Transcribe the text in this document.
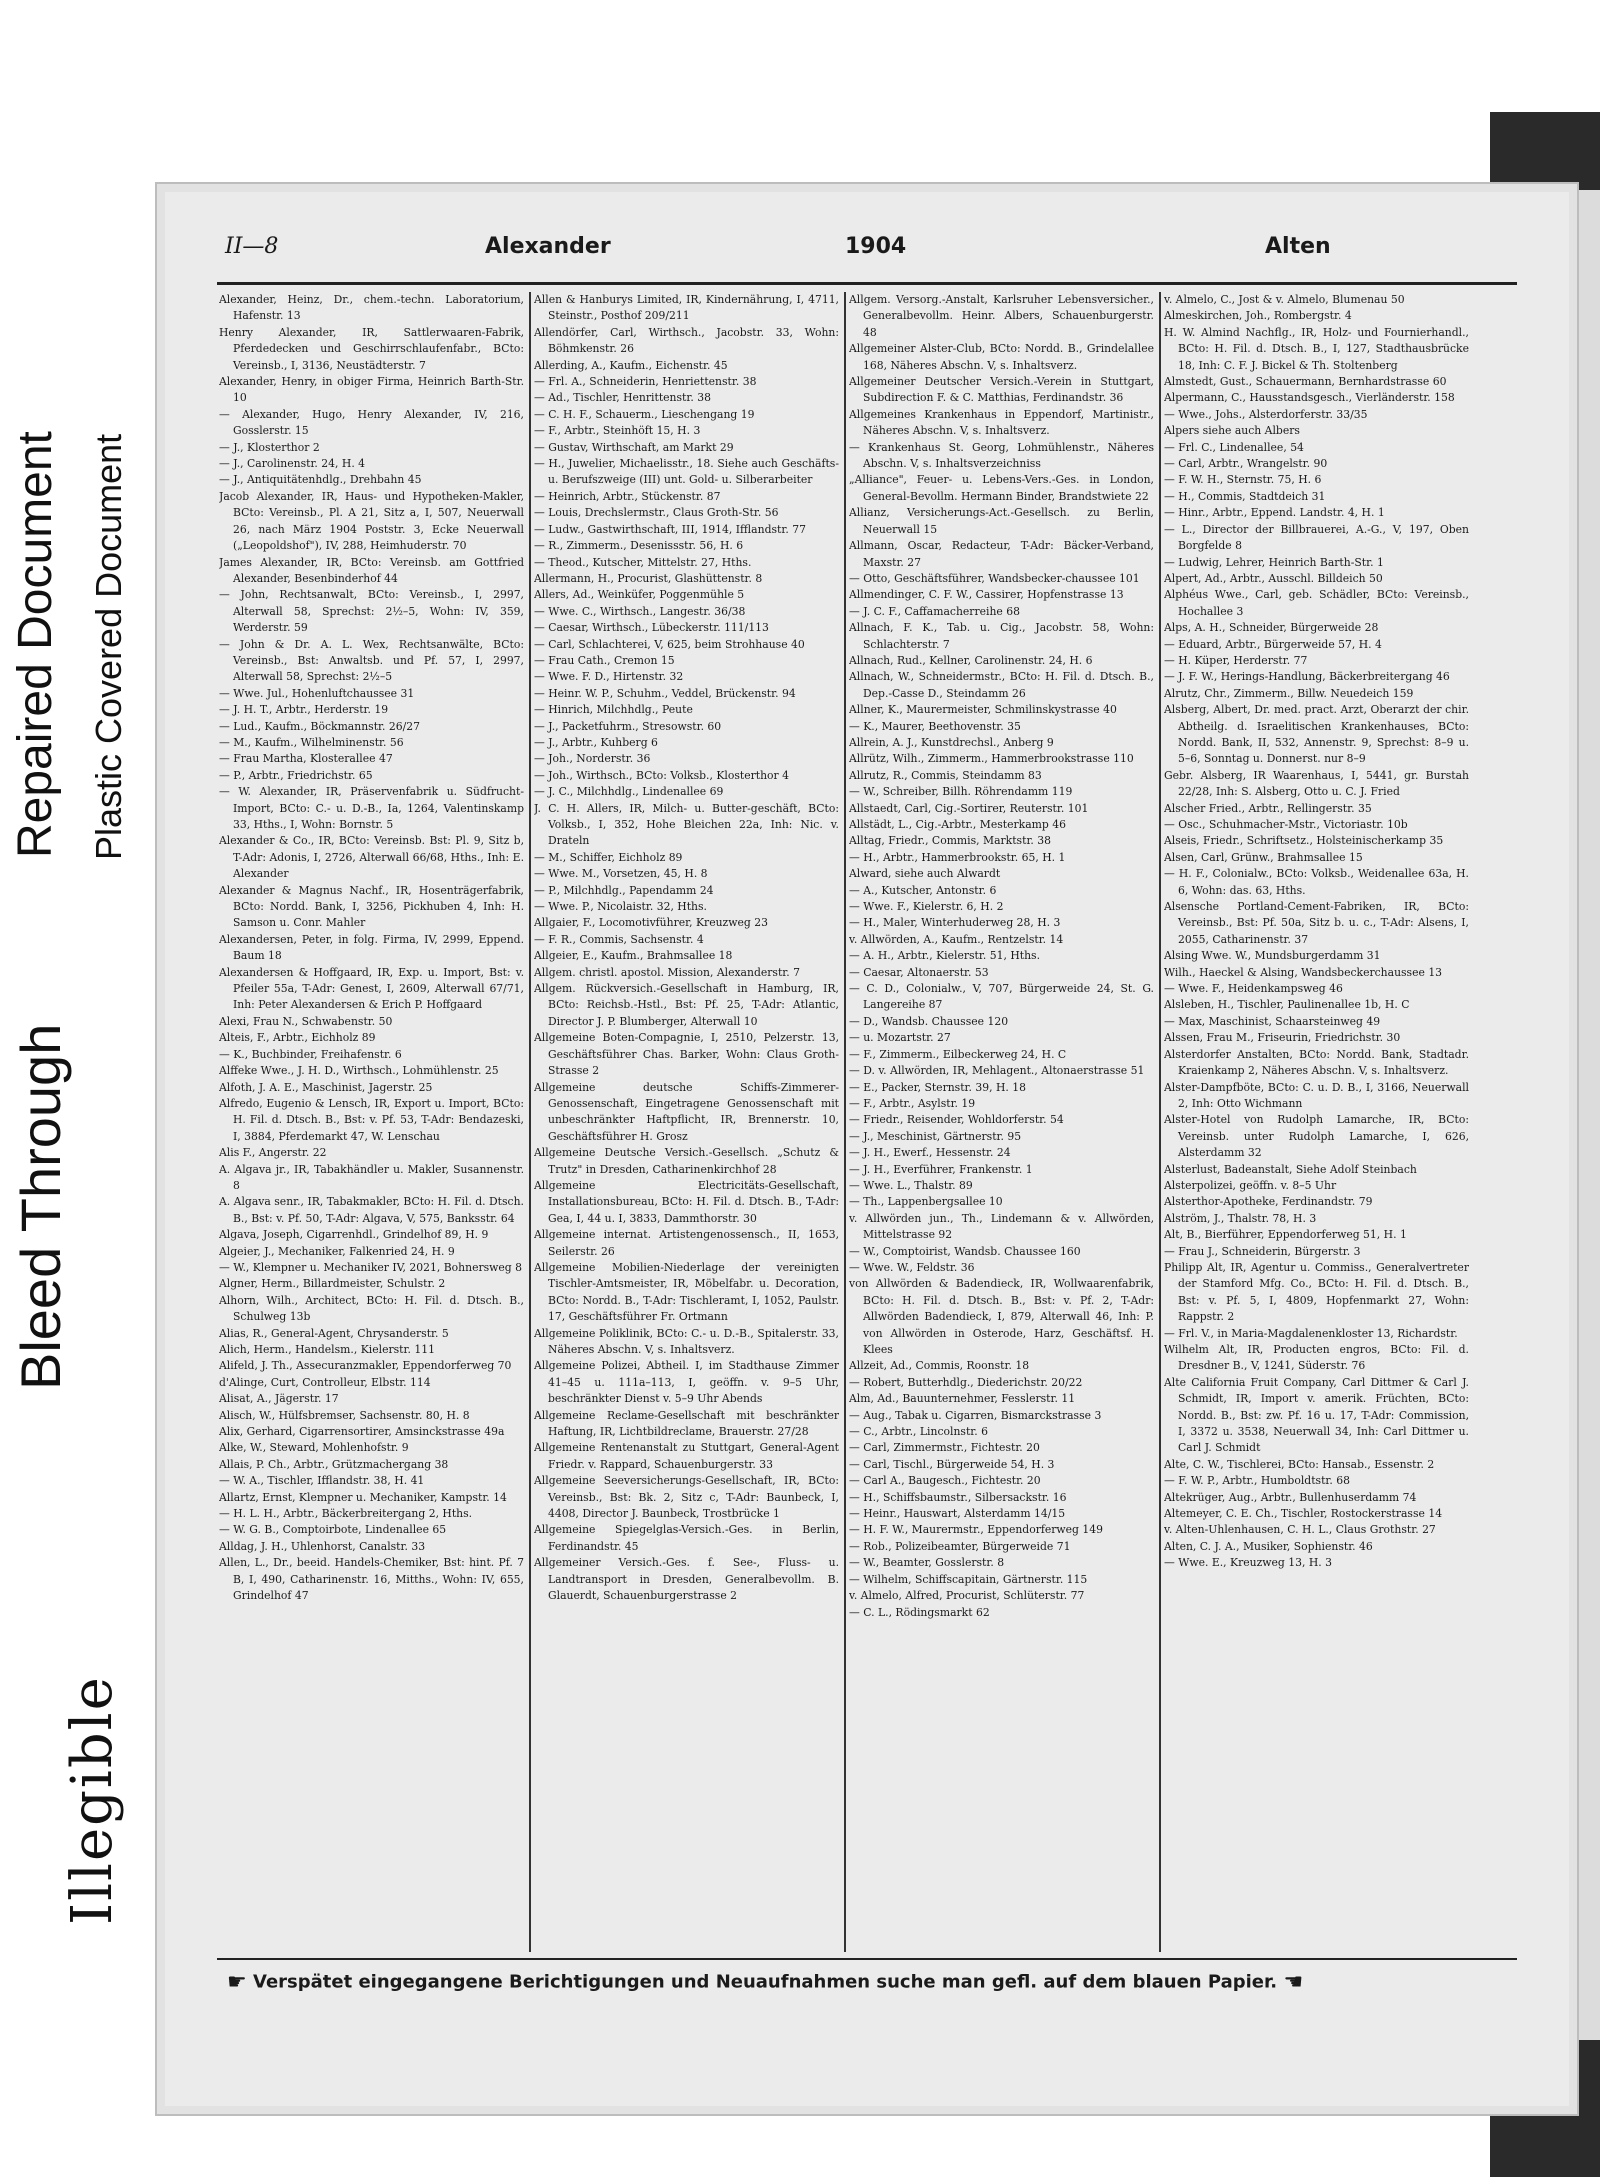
Bleed Through
Repaired Document Plastic Covered Document
Illegible
II—8	Alexander	1904	Alten

Alexander, Heinz, Dr., chem.-techn. Laboratorium, Hafenstr. 13

Henry Alexander, IR, Sattlerwaaren-Fabrik, Pferdedecken und Geschirrschlaufenfabr., BCto: Vereinsb., I, 3136, Neustädterstr. 7

Alexander, Henry, in obiger Firma, Heinrich Barth-Str. 10

— Alexander, Hugo, Henry Alexander, IV, 216, Gosslerstr. 15

— J., Klosterthor 2

— J., Carolinenstr. 24, H. 4

— J., Antiquitätenhdlg., Drehbahn 45

Jacob Alexander, IR, Haus- und Hypotheken-Makler, BCto: Vereinsb., Pl. A 21, Sitz a, I, 507, Neuerwall 26, nach März 1904 Poststr. 3, Ecke Neuerwall („Leopoldshof"), IV, 288, Heimhuderstr. 70

James Alexander, IR, BCto: Vereinsb. am Gottfried Alexander, Besenbinderhof 44

— John, Rechtsanwalt, BCto: Vereinsb., I, 2997, Alterwall 58, Sprechst: 2½–5, Wohn: IV, 359, Werderstr. 59

— John & Dr. A. L. Wex, Rechtsanwälte, BCto: Vereinsb., Bst: Anwaltsb. und Pf. 57, I, 2997, Alterwall 58, Sprechst: 2½–5

— Wwe. Jul., Hohenluftchaussee 31

— J. H. T., Arbtr., Herderstr. 19

— Lud., Kaufm., Böckmannstr. 26/27

— M., Kaufm., Wilhelminenstr. 56

— Frau Martha, Klosterallee 47

— P., Arbtr., Friedrichstr. 65

— W. Alexander, IR, Präservenfabrik u. Südfrucht-Import, BCto: C.- u. D.-B., Ia, 1264, Valentinskamp 33, Hths., I, Wohn: Bornstr. 5

Alexander & Co., IR, BCto: Vereinsb. Bst: Pl. 9, Sitz b, T-Adr: Adonis, I, 2726, Alterwall 66/68, Hths., Inh: E. Alexander

Alexander & Magnus Nachf., IR, Hosenträgerfabrik, BCto: Nordd. Bank, I, 3256, Pickhuben 4, Inh: H. Samson u. Conr. Mahler

Alexandersen, Peter, in folg. Firma, IV, 2999, Eppend. Baum 18

Alexandersen & Hoffgaard, IR, Exp. u. Import, Bst: v. Pfeiler 55a, T-Adr: Genest, I, 2609, Alterwall 67/71, Inh: Peter Alexandersen & Erich P. Hoffgaard

Alexi, Frau N., Schwabenstr. 50

Alteis, F., Arbtr., Eichholz 89

— K., Buchbinder, Freihafenstr. 6

Alffeke Wwe., J. H. D., Wirthsch., Lohmühlenstr. 25

Alfoth, J. A. E., Maschinist, Jagerstr. 25

Alfredo, Eugenio & Lensch, IR, Export u. Import, BCto: H. Fil. d. Dtsch. B., Bst: v. Pf. 53, T-Adr: Bendazeski, I, 3884, Pferdemarkt 47, W. Lenschau

Alis F., Angerstr. 22

A. Algava jr., IR, Tabakhändler u. Makler, Susannenstr. 8

A. Algava senr., IR, Tabakmakler, BCto: H. Fil. d. Dtsch. B., Bst: v. Pf. 50, T-Adr: Algava, V, 575, Banksstr. 64

Algava, Joseph, Cigarrenhdl., Grindelhof 89, H. 9

Algeier, J., Mechaniker, Falkenried 24, H. 9

— W., Klempner u. Mechaniker IV, 2021, Bohnersweg 8

Algner, Herm., Billardmeister, Schulstr. 2

Alhorn, Wilh., Architect, BCto: H. Fil. d. Dtsch. B., Schulweg 13b

Alias, R., General-Agent, Chrysanderstr. 5

Alich, Herm., Handelsm., Kielerstr. 111

Alifeld, J. Th., Assecuranzmakler, Eppendorferweg 70

d'Alinge, Curt, Controlleur, Elbstr. 114

Alisat, A., Jägerstr. 17

Alisch, W., Hülfsbremser, Sachsenstr. 80, H. 8

Alix, Gerhard, Cigarrensortirer, Amsinckstrasse 49a

Alke, W., Steward, Mohlenhofstr. 9

Allais, P. Ch., Arbtr., Grützmachergang 38

— W. A., Tischler, Ifflandstr. 38, H. 41

Allartz, Ernst, Klempner u. Mechaniker, Kampstr. 14

— H. L. H., Arbtr., Bäckerbreitergang 2, Hths.

— W. G. B., Comptoirbote, Lindenallee 65

Alldag, J. H., Uhlenhorst, Canalstr. 33

Allen, L., Dr., beeid. Handels-Chemiker, Bst: hint. Pf. 7 B, I, 490, Catharinenstr. 16, Mitths., Wohn: IV, 655, Grindelhof 47

Allen & Hanburys Limited, IR, Kindernährung, I, 4711, Steinstr., Posthof 209/211

Allendörfer, Carl, Wirthsch., Jacobstr. 33, Wohn: Böhmkenstr. 26

Allerding, A., Kaufm., Eichenstr. 45

— Frl. A., Schneiderin, Henriettenstr. 38

— Ad., Tischler, Henrittenstr. 38

— C. H. F., Schauerm., Lieschengang 19

— F., Arbtr., Steinhöft 15, H. 3

— Gustav, Wirthschaft, am Markt 29

— H., Juwelier, Michaelisstr., 18. Siehe auch Geschäfts- u. Berufszweige (III) unt. Gold- u. Silberarbeiter

— Heinrich, Arbtr., Stückenstr. 87

— Louis, Drechslermstr., Claus Groth-Str. 56

— Ludw., Gastwirthschaft, III, 1914, Ifflandstr. 77

— R., Zimmerm., Desenissstr. 56, H. 6

— Theod., Kutscher, Mittelstr. 27, Hths.

Allermann, H., Procurist, Glashüttenstr. 8

Allers, Ad., Weinküfer, Poggenmühle 5

— Wwe. C., Wirthsch., Langestr. 36/38

— Caesar, Wirthsch., Lübeckerstr. 111/113

— Carl, Schlachterei, V, 625, beim Strohhause 40

— Frau Cath., Cremon 15

— Wwe. F. D., Hirtenstr. 32

— Heinr. W. P., Schuhm., Veddel, Brückenstr. 94

— Hinrich, Milchhdlg., Peute

— J., Packetfuhrm., Stresowstr. 60

— J., Arbtr., Kuhberg 6

— Joh., Norderstr. 36

— Joh., Wirthsch., BCto: Volksb., Klosterthor 4

— J. C., Milchhdlg., Lindenallee 69

J. C. H. Allers, IR, Milch- u. Butter-geschäft, BCto: Volksb., I, 352, Hohe Bleichen 22a, Inh: Nic. v. Drateln

— M., Schiffer, Eichholz 89

— Wwe. M., Vorsetzen, 45, H. 8

— P., Milchhdlg., Papendamm 24

— Wwe. P., Nicolaistr. 32, Hths.

Allgaier, F., Locomotivführer, Kreuzweg 23

— F. R., Commis, Sachsenstr. 4

Allgeier, E., Kaufm., Brahmsallee 18

Allgem. christl. apostol. Mission, Alexanderstr. 7

Allgem. Rückversich.-Gesellschaft in Hamburg, IR, BCto: Reichsb.-Hstl., Bst: Pf. 25, T-Adr: Atlantic, Director J. P. Blumberger, Alterwall 10

Allgemeine Boten-Compagnie, I, 2510, Pelzerstr. 13, Geschäftsführer Chas. Barker, Wohn: Claus Groth-Strasse 2

Allgemeine deutsche Schiffs-Zimmerer-Genossenschaft, Eingetragene Genossenschaft mit unbeschränkter Haftpflicht, IR, Brennerstr. 10, Geschäftsführer H. Grosz

Allgemeine Deutsche Versich.-Gesellsch. „Schutz & Trutz" in Dresden, Catharinenkirchhof 28

Allgemeine Electricitäts-Gesellschaft, Installationsbureau, BCto: H. Fil. d. Dtsch. B., T-Adr: Gea, I, 44 u. I, 3833, Dammthorstr. 30

Allgemeine internat. Artistengenossensch., II, 1653, Seilerstr. 26

Allgemeine Mobilien-Niederlage der vereinigten Tischler-Amtsmeister, IR, Möbelfabr. u. Decoration, BCto: Nordd. B., T-Adr: Tischleramt, I, 1052, Paulstr. 17, Geschäftsführer Fr. Ortmann

Allgemeine Poliklinik, BCto: C.- u. D.-B., Spitalerstr. 33, Näheres Abschn. V, s. Inhaltsverz.

Allgemeine Polizei, Abtheil. I, im Stadthause Zimmer 41–45 u. 111a–113, I, geöffn. v. 9–5 Uhr, beschränkter Dienst v. 5–9 Uhr Abends

Allgemeine Reclame-Gesellschaft mit beschränkter Haftung, IR, Lichtbildreclame, Brauerstr. 27/28

Allgemeine Rentenanstalt zu Stuttgart, General-Agent Friedr. v. Rappard, Schauenburgerstr. 33

Allgemeine Seeversicherungs-Gesellschaft, IR, BCto: Vereinsb., Bst: Bk. 2, Sitz c, T-Adr: Baunbeck, I, 4408, Director J. Baunbeck, Trostbrücke 1

Allgemeine Spiegelglas-Versich.-Ges. in Berlin, Ferdinandstr. 45

Allgemeiner Versich.-Ges. f. See-, Fluss- u. Landtransport in Dresden, Generalbevollm. B. Glauerdt, Schauenburgerstrasse 2

Allgem. Versorg.-Anstalt, Karlsruher Lebensversicher., Generalbevollm. Heinr. Albers, Schauenburgerstr. 48

Allgemeiner Alster-Club, BCto: Nordd. B., Grindelallee 168, Näheres Abschn. V, s. Inhaltsverz.

Allgemeiner Deutscher Versich.-Verein in Stuttgart, Subdirection F. & C. Matthias, Ferdinandstr. 36

Allgemeines Krankenhaus in Eppendorf, Martinistr., Näheres Abschn. V, s. Inhaltsverz.

— Krankenhaus St. Georg, Lohmühlenstr., Näheres Abschn. V, s. Inhaltsverzeichniss

„Alliance", Feuer- u. Lebens-Vers.-Ges. in London, General-Bevollm. Hermann Binder, Brandstwiete 22

Allianz, Versicherungs-Act.-Gesellsch. zu Berlin, Neuerwall 15

Allmann, Oscar, Redacteur, T-Adr: Bäcker-Verband, Maxstr. 27

— Otto, Geschäftsführer, Wandsbecker-chaussee 101

Allmendinger, C. F. W., Cassirer, Hopfenstrasse 13

— J. C. F., Caffamacherreihe 68

Allnach, F. K., Tab. u. Cig., Jacobstr. 58, Wohn: Schlachterstr. 7

Allnach, Rud., Kellner, Carolinenstr. 24, H. 6

Allnach, W., Schneidermstr., BCto: H. Fil. d. Dtsch. B., Dep.-Casse D., Steindamm 26

Allner, K., Maurermeister, Schmilinskystrasse 40

— K., Maurer, Beethovenstr. 35

Allrein, A. J., Kunstdrechsl., Anberg 9

Allrütz, Wilh., Zimmerm., Hammerbrookstrasse 110

Allrutz, R., Commis, Steindamm 83

— W., Schreiber, Billh. Röhrendamm 119

Allstaedt, Carl, Cig.-Sortirer, Reuterstr. 101

Allstädt, L., Cig.-Arbtr., Mesterkamp 46

Alltag, Friedr., Commis, Marktstr. 38

— H., Arbtr., Hammerbrookstr. 65, H. 1

Alward, siehe auch Alwardt

— A., Kutscher, Antonstr. 6

— Wwe. F., Kielerstr. 6, H. 2

— H., Maler, Winterhuderweg 28, H. 3

v. Allwörden, A., Kaufm., Rentzelstr. 14

— A. H., Arbtr., Kielerstr. 51, Hths.

— Caesar, Altonaerstr. 53

— C. D., Colonialw., V, 707, Bürgerweide 24, St. G. Langereihe 87

— D., Wandsb. Chaussee 120

— u. Mozartstr. 27

— F., Zimmerm., Eilbeckerweg 24, H. C

— D. v. Allwörden, IR, Mehlagent., Altonaerstrasse 51

— E., Packer, Sternstr. 39, H. 18

— F., Arbtr., Asylstr. 19

— Friedr., Reisender, Wohldorferstr. 54

— J., Meschinist, Gärtnerstr. 95

— J. H., Ewerf., Hessenstr. 24

— J. H., Everführer, Frankenstr. 1

— Wwe. L., Thalstr. 89

— Th., Lappenbergsallee 10

v. Allwörden jun., Th., Lindemann & v. Allwörden, Mittelstrasse 92

— W., Comptoirist, Wandsb. Chaussee 160

— Wwe. W., Feldstr. 36

von Allwörden & Badendieck, IR, Wollwaarenfabrik, BCto: H. Fil. d. Dtsch. B., Bst: v. Pf. 2, T-Adr: Allwörden Badendieck, I, 879, Alterwall 46, Inh: P. von Allwörden in Osterode, Harz, Geschäftsf. H. Klees

Allzeit, Ad., Commis, Roonstr. 18

— Robert, Butterhdlg., Diederichstr. 20/22

Alm, Ad., Bauunternehmer, Fesslerstr. 11

— Aug., Tabak u. Cigarren, Bismarckstrasse 3

— C., Arbtr., Lincolnstr. 6

— Carl, Zimmermstr., Fichtestr. 20

— Carl, Tischl., Bürgerweide 54, H. 3

— Carl A., Baugesch., Fichtestr. 20

— H., Schiffsbaumstr., Silbersackstr. 16

— Heinr., Hauswart, Alsterdamm 14/15

— H. F. W., Maurermstr., Eppendorferweg 149

— Rob., Polizeibeamter, Bürgerweide 71

— W., Beamter, Gosslerstr. 8

— Wilhelm, Schiffscapitain, Gärtnerstr. 115

v. Almelo, Alfred, Procurist, Schlüterstr. 77

— C. L., Rödingsmarkt 62

v. Almelo, C., Jost & v. Almelo, Blumenau 50

Almeskirchen, Joh., Rombergstr. 4

H. W. Almind Nachflg., IR, Holz- und Fournierhandl., BCto: H. Fil. d. Dtsch. B., I, 127, Stadthausbrücke 18, Inh: C. F. J. Bickel & Th. Stoltenberg

Almstedt, Gust., Schauermann, Bernhardstrasse 60

Alpermann, C., Hausstandsgesch., Vierländerstr. 158

— Wwe., Johs., Alsterdorferstr. 33/35

Alpers siehe auch Albers

— Frl. C., Lindenallee, 54

— Carl, Arbtr., Wrangelstr. 90

— F. W. H., Sternstr. 75, H. 6

— H., Commis, Stadtdeich 31

— Hinr., Arbtr., Eppend. Landstr. 4, H. 1

— L., Director der Billbrauerei, A.-G., V, 197, Oben Borgfelde 8

— Ludwig, Lehrer, Heinrich Barth-Str. 1

Alpert, Ad., Arbtr., Ausschl. Billdeich 50

Alphéus Wwe., Carl, geb. Schädler, BCto: Vereinsb., Hochallee 3

Alps, A. H., Schneider, Bürgerweide 28

— Eduard, Arbtr., Bürgerweide 57, H. 4

— H. Küper, Herderstr. 77

— J. F. W., Herings-Handlung, Bäckerbreitergang 46

Alrutz, Chr., Zimmerm., Billw. Neuedeich 159

Alsberg, Albert, Dr. med. pract. Arzt, Oberarzt der chir. Abtheilg. d. Israelitischen Krankenhauses, BCto: Nordd. Bank, II, 532, Annenstr. 9, Sprechst: 8–9 u. 5–6, Sonntag u. Donnerst. nur 8–9

Gebr. Alsberg, IR Waarenhaus, I, 5441, gr. Burstah 22/28, Inh: S. Alsberg, Otto u. C. J. Fried

Alscher Fried., Arbtr., Rellingerstr. 35

— Osc., Schuhmacher-Mstr., Victoriastr. 10b

Alseis, Friedr., Schriftsetz., Holsteinischerkamp 35

Alsen, Carl, Grünw., Brahmsallee 15

— H. F., Colonialw., BCto: Volksb., Weidenallee 63a, H. 6, Wohn: das. 63, Hths.

Alsensche Portland-Cement-Fabriken, IR, BCto: Vereinsb., Bst: Pf. 50a, Sitz b. u. c., T-Adr: Alsens, I, 2055, Catharinenstr. 37

Alsing Wwe. W., Mundsburgerdamm 31

Wilh., Haeckel & Alsing, Wandsbeckerchaussee 13

— Wwe. F., Heidenkampsweg 46

Alsleben, H., Tischler, Paulinenallee 1b, H. C

— Max, Maschinist, Schaarsteinweg 49

Alssen, Frau M., Friseurin, Friedrichstr. 30

Alsterdorfer Anstalten, BCto: Nordd. Bank, Stadtadr. Kraienkamp 2, Näheres Abschn. V, s. Inhaltsverz.

Alster-Dampfböte, BCto: C. u. D. B., I, 3166, Neuerwall 2, Inh: Otto Wichmann

Alster-Hotel von Rudolph Lamarche, IR, BCto: Vereinsb. unter Rudolph Lamarche, I, 626, Alsterdamm 32

Alsterlust, Badeanstalt, Siehe Adolf Steinbach

Alsterpolizei, geöffn. v. 8–5 Uhr

Alsterthor-Apotheke, Ferdinandstr. 79

Alström, J., Thalstr. 78, H. 3

Alt, B., Bierführer, Eppendorferweg 51, H. 1

— Frau J., Schneiderin, Bürgerstr. 3

Philipp Alt, IR, Agentur u. Commiss., Generalvertreter der Stamford Mfg. Co., BCto: H. Fil. d. Dtsch. B., Bst: v. Pf. 5, I, 4809, Hopfenmarkt 27, Wohn: Rappstr. 2

— Frl. V., in Maria-Magdalenenkloster 13, Richardstr.

Wilhelm Alt, IR, Producten engros, BCto: Fil. d. Dresdner B., V, 1241, Süderstr. 76

Alte California Fruit Company, Carl Dittmer & Carl J. Schmidt, IR, Import v. amerik. Früchten, BCto: Nordd. B., Bst: zw. Pf. 16 u. 17, T-Adr: Commission, I, 3372 u. 3538, Neuerwall 34, Inh: Carl Dittmer u. Carl J. Schmidt

Alte, C. W., Tischlerei, BCto: Hansab., Essenstr. 2

— F. W. P., Arbtr., Humboldtstr. 68

Altekrüger, Aug., Arbtr., Bullenhuserdamm 74

Altemeyer, C. E. Ch., Tischler, Rostockerstrasse 14

v. Alten-Uhlenhausen, C. H. L., Claus Grothstr. 27

Alten, C. J. A., Musiker, Sophienstr. 46

— Wwe. E., Kreuzweg 13, H. 3

☛ Verspätet eingegangene Berichtigungen und Neuaufnahmen suche man gefl. auf dem blauen Papier. ☚
